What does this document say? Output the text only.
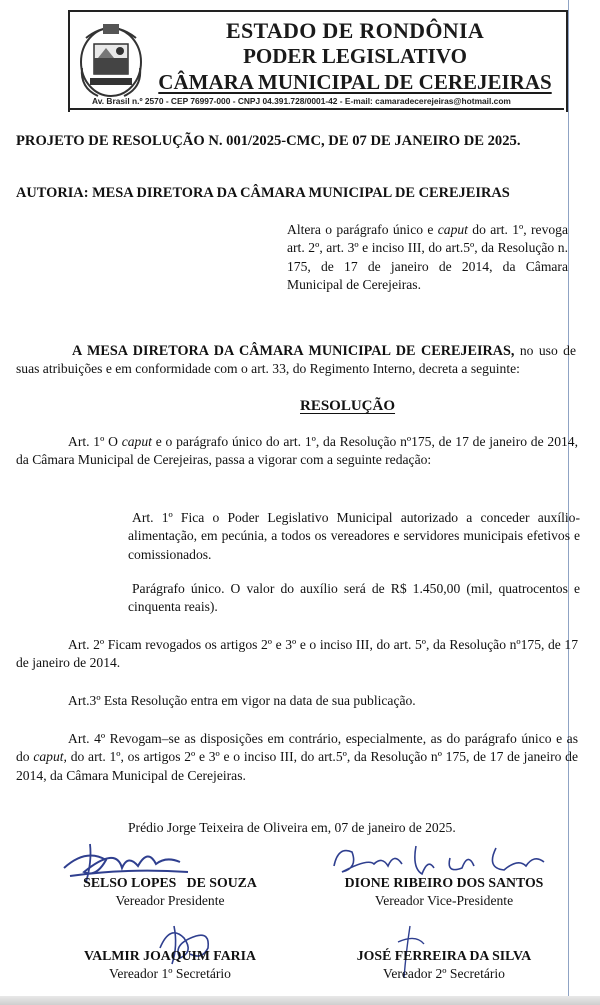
ESTADO DE RONDÔNIA
PODER LEGISLATIVO
CÂMARA MUNICIPAL DE CEREJEIRAS
Av. Brasil n.º 2570 - CEP 76997-000 - CNPJ 04.391.728/0001-42 - E-mail: camaradecerejeiras@hotmail.com
PROJETO DE RESOLUÇÃO N. 001/2025-CMC, DE 07 DE JANEIRO DE 2025.
AUTORIA: MESA DIRETORA DA CÂMARA MUNICIPAL DE CEREJEIRAS
Altera o parágrafo único e caput do art. 1º, revoga art. 2º, art. 3º e inciso III, do art.5º, da Resolução n. 175, de 17 de janeiro de 2014, da Câmara Municipal de Cerejeiras.
A MESA DIRETORA DA CÂMARA MUNICIPAL DE CEREJEIRAS, no uso de suas atribuições e em conformidade com o art. 33, do Regimento Interno, decreta a seguinte:
RESOLUÇÃO
Art. 1º O caput e o parágrafo único do art. 1º, da Resolução nº175, de 17 de janeiro de 2014, da Câmara Municipal de Cerejeiras, passa a vigorar com a seguinte redação:
Art. 1º Fica o Poder Legislativo Municipal autorizado a conceder auxílio-alimentação, em pecúnia, a todos os vereadores e servidores municipais efetivos e comissionados.
Parágrafo único. O valor do auxílio será de R$ 1.450,00 (mil, quatrocentos e cinquenta reais).
Art. 2º Ficam revogados os artigos 2º e 3º e o inciso III, do art. 5º, da Resolução nº175, de 17 de janeiro de 2014.
Art.3º Esta Resolução entra em vigor na data de sua publicação.
Art. 4º Revogam–se as disposições em contrário, especialmente, as do parágrafo único e as do caput, do art. 1º, os artigos 2º e 3º e o inciso III, do art.5º, da Resolução nº 175, de 17 de janeiro de 2014, da Câmara Municipal de Cerejeiras.
Prédio Jorge Teixeira de Oliveira em, 07 de janeiro de 2025.
SELSO LOPES   DE SOUZA
Vereador Presidente
DIONE RIBEIRO DOS SANTOS
Vereador Vice-Presidente
VALMIR JOAQUIM FARIA
Vereador 1º Secretário
JOSÉ FERREIRA DA SILVA
Vereador 2º Secretário
